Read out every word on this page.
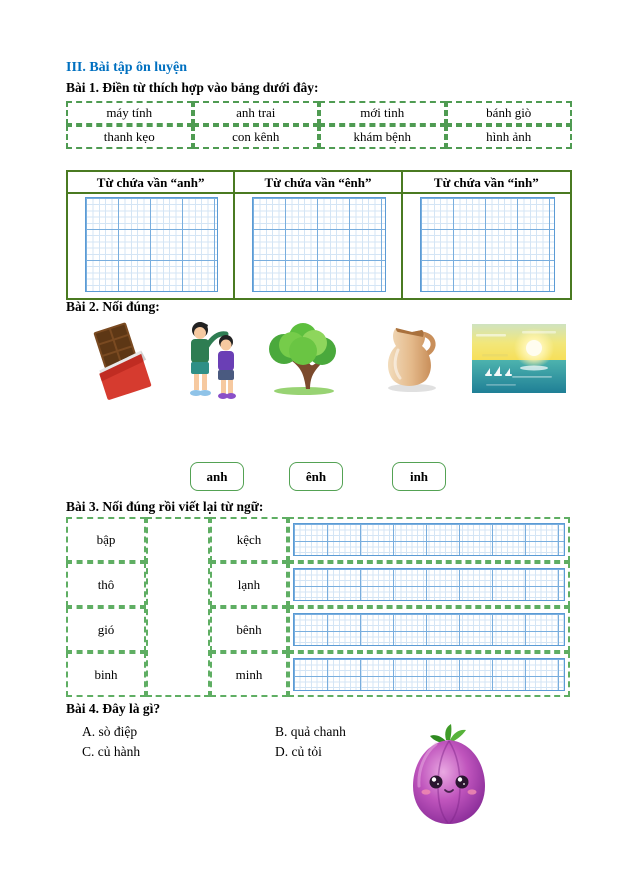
III. Bài tập ôn luyện
Bài 1. Điền từ thích hợp vào bảng dưới đây:
máy tính	anh trai	mới tinh	bánh giò
thanh kẹo	con kênh	khám bệnh	hình ảnh
Từ chứa vần “anh”	Từ chứa vần “ênh”	Từ chứa vần “inh”
Bài 2. Nối đúng:
anh	ênh	inh
Bài 3. Nối đúng rồi viết lại từ ngữ:
bập	kệch
thô	lạnh
gió	bênh
binh	minh
Bài 4. Đây là gì?
A. sò điệp	B. quả chanh
C. củ hành	D. củ tỏi
